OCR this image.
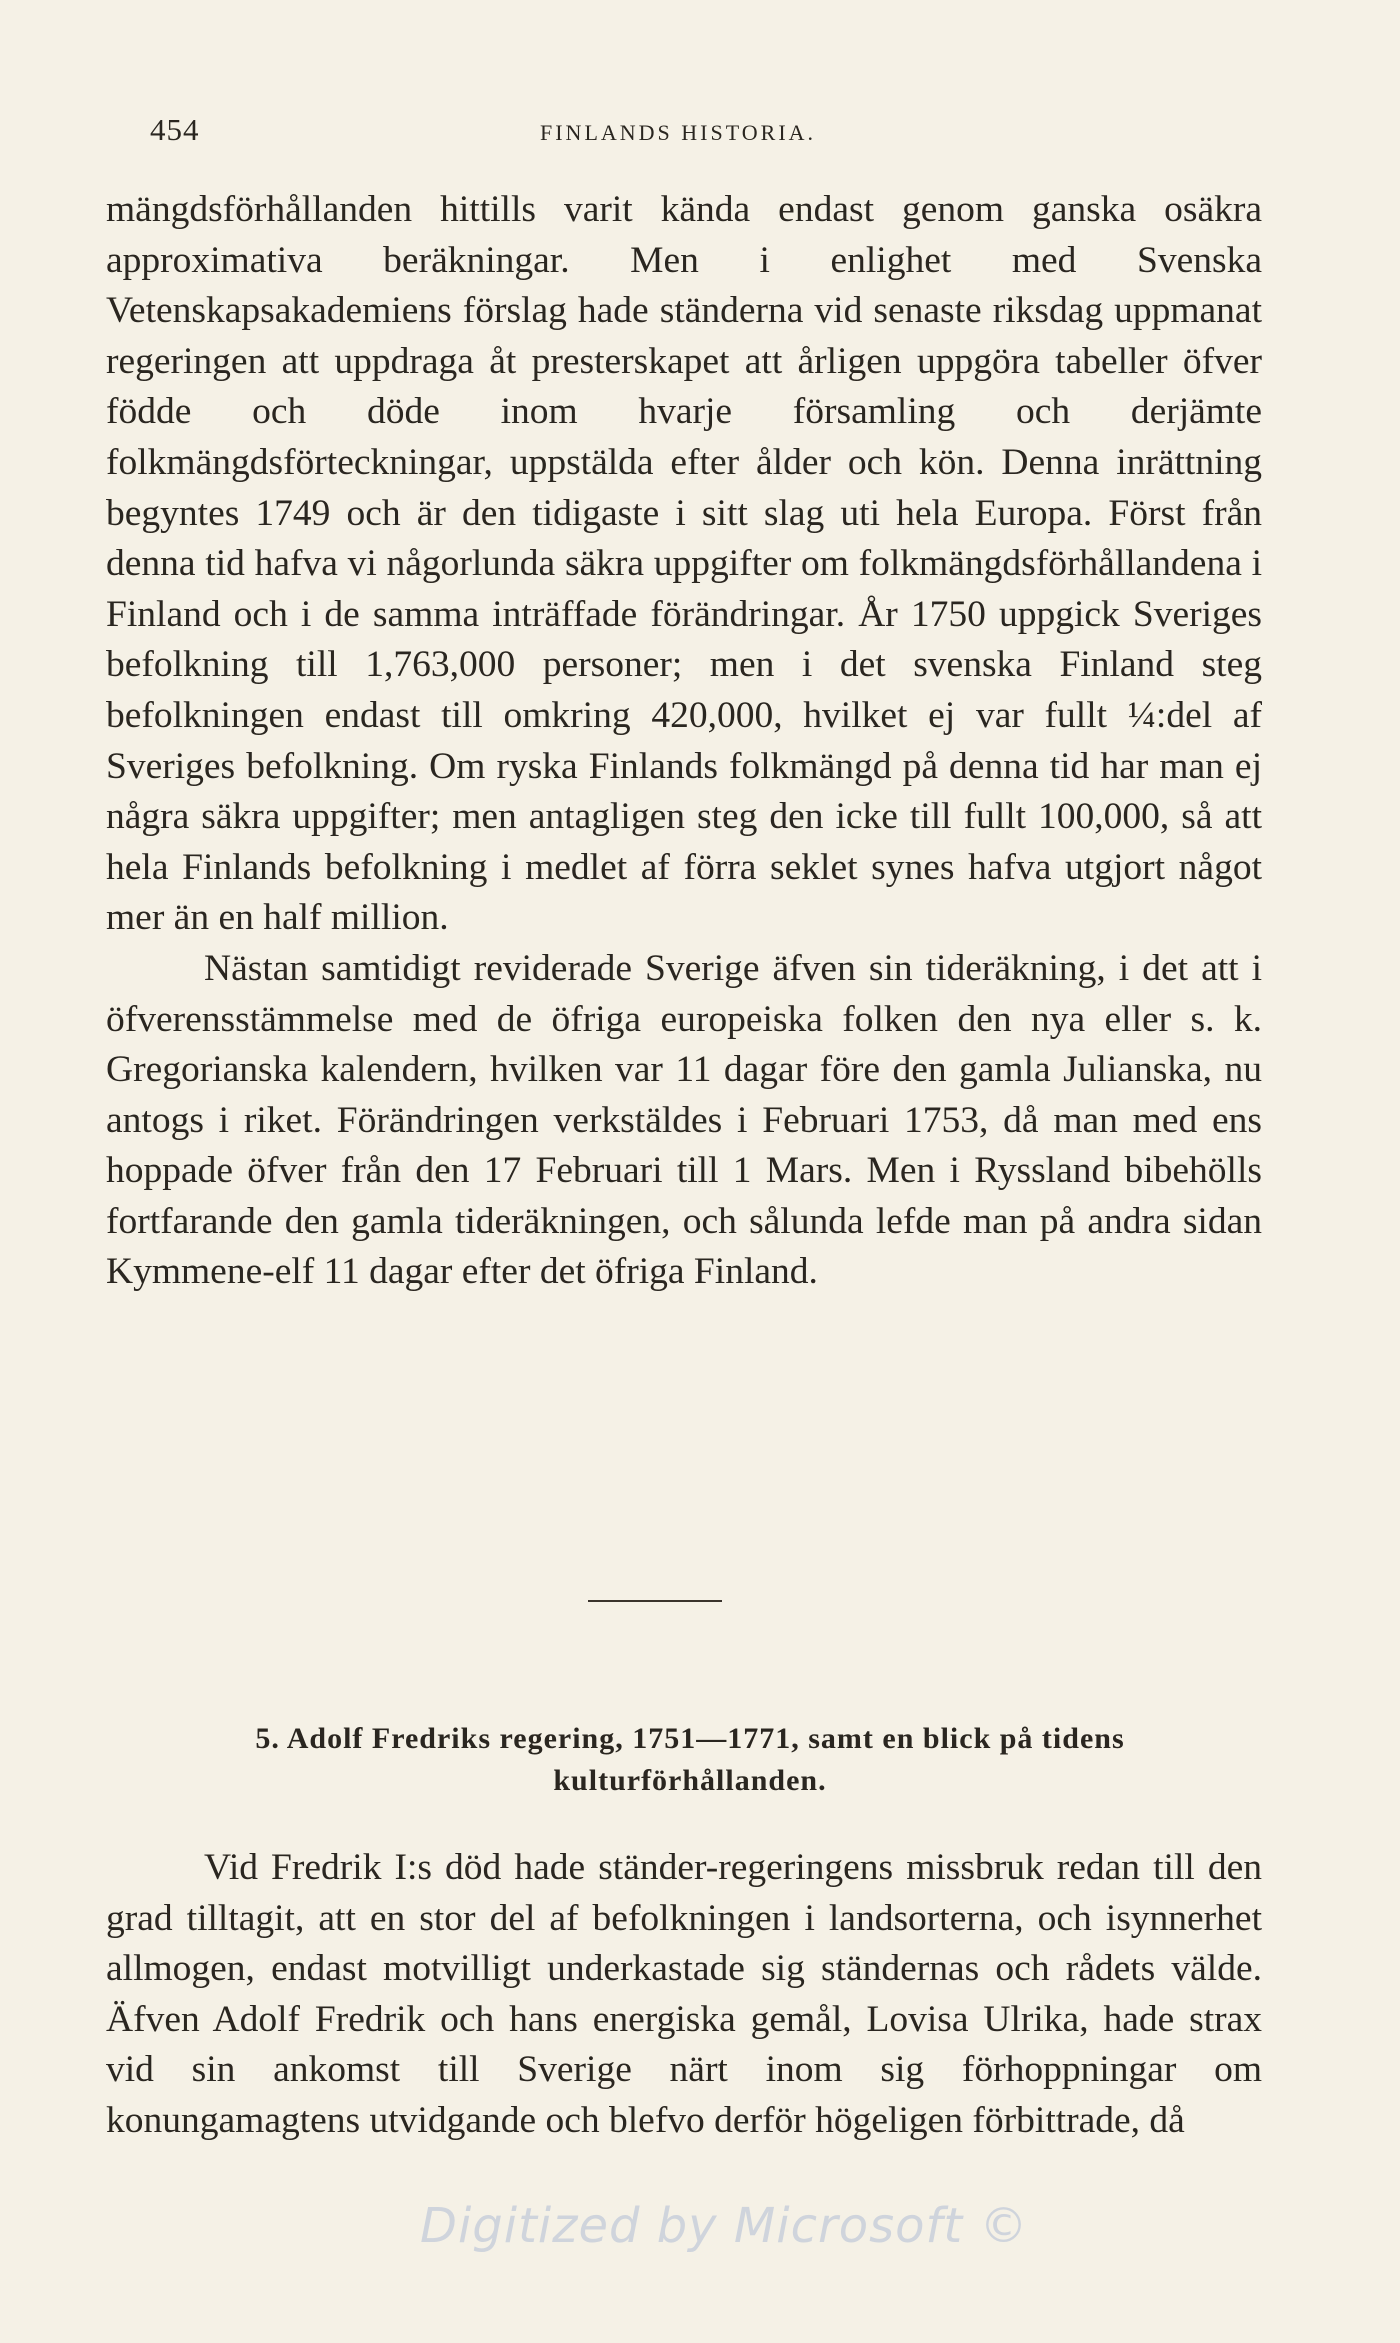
454	FINLANDS HISTORIA.

mängdsförhållanden hittills varit kända endast genom ganska osäkra approximativa beräkningar. Men i enlighet med Svenska Vetenskapsakademiens förslag hade ständerna vid senaste riksdag uppmanat regeringen att uppdraga åt presterskapet att årligen uppgöra tabeller öfver födde och döde inom hvarje församling och derjämte folkmängdsförteckningar, uppstälda efter ålder och kön. Denna inrättning begyntes 1749 och är den tidigaste i sitt slag uti hela Europa. Först från denna tid hafva vi någorlunda säkra uppgifter om folkmängdsförhållandena i Finland och i de samma inträffade förändringar. År 1750 uppgick Sveriges befolkning till 1,763,000 personer; men i det svenska Finland steg befolkningen endast till omkring 420,000, hvilket ej var fullt ¼:del af Sveriges befolkning. Om ryska Finlands folkmängd på denna tid har man ej några säkra uppgifter; men antagligen steg den icke till fullt 100,000, så att hela Finlands befolkning i medlet af förra seklet synes hafva utgjort något mer än en half million.

Nästan samtidigt reviderade Sverige äfven sin tideräkning, i det att i öfverensstämmelse med de öfriga europeiska folken den nya eller s. k. Gregorianska kalendern, hvilken var 11 dagar före den gamla Julianska, nu antogs i riket. Förändringen verkstäldes i Februari 1753, då man med ens hoppade öfver från den 17 Februari till 1 Mars. Men i Ryssland bibehölls fortfarande den gamla tideräkningen, och sålunda lefde man på andra sidan Kymmene-elf 11 dagar efter det öfriga Finland.

5. Adolf Fredriks regering, 1751—1771, samt en blick på tidens kulturförhållanden.

Vid Fredrik I:s död hade ständer-regeringens missbruk redan till den grad tilltagit, att en stor del af befolkningen i landsorterna, och isynnerhet allmogen, endast motvilligt underkastade sig ständernas och rådets välde. Äfven Adolf Fredrik och hans energiska gemål, Lovisa Ulrika, hade strax vid sin ankomst till Sverige närt inom sig förhoppningar om konungamagtens utvidgande och blefvo derför högeligen förbittrade, då

Digitized by Microsoft ©
